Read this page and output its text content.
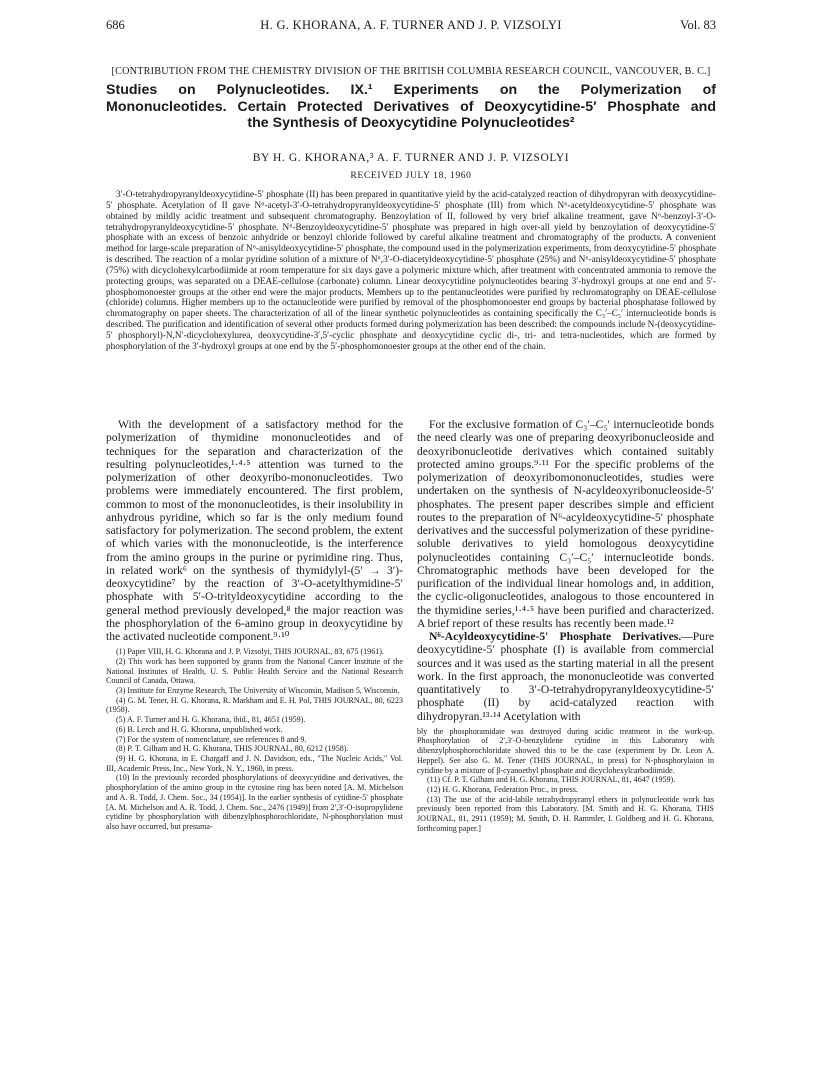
686	H. G. KHORANA, A. F. TURNER AND J. P. VIZSOLYI	Vol. 83
[CONTRIBUTION FROM THE CHEMISTRY DIVISION OF THE BRITISH COLUMBIA RESEARCH COUNCIL, VANCOUVER, B. C.]
Studies on Polynucleotides. IX.¹ Experiments on the Polymerization of
Mononucleotides. Certain Protected Derivatives of Deoxycytidine-5′ Phosphate and
the Synthesis of Deoxycytidine Polynucleotides²
BY H. G. KHORANA,³ A. F. TURNER AND J. P. VIZSOLYI
RECEIVED JULY 18, 1960
3′-O-tetrahydropyranyldeoxycytidine-5′ phosphate (II) has been prepared in quantitative yield by the acid-catalyzed reaction of dihydropyran with deoxycytidine-5′ phosphate. Acetylation of II gave N⁶-acetyl-3′-O-tetrahydropyranyldeoxycytidine-5′ phosphate (III) from which N⁶-acetyldeoxycytidine-5′ phosphate was obtained by mildly acidic treatment and subsequent chromatography. Benzoylation of II, followed by very brief alkaline treatment, gave N⁶-benzoyl-3′-O-tetrahydropyranyldeoxycytidine-5′ phosphate. N⁶-Benzoyldeoxycytidine-5′ phosphate was prepared in high over-all yield by benzoylation of deoxycytidine-5′ phosphate with an excess of benzoic anhydride or benzoyl chloride followed by careful alkaline treatment and chromatography of the products. A convenient method for large-scale preparation of N⁶-anisyldeoxycytidine-5′ phosphate, the compound used in the polymerization experiments, from deoxycytidine-5′ phosphate is described. The reaction of a molar pyridine solution of a mixture of N⁶,3′-O-diacetyldeoxycytidine-5′ phosphate (25%) and N⁶-anisyldeoxycytidine-5′ phosphate (75%) with dicyclohexylcarbodiimide at room temperature for six days gave a polymeric mixture which, after treatment with concentrated ammonia to remove the protecting groups, was separated on a DEAE-cellulose (carbonate) column. Linear deoxycytidine polynucleotides bearing 3′-hydroxyl groups at one end and 5′-phosphomonoester groups at the other end were the major products. Members up to the pentanucleotides were purified by rechromatography on DEAE-cellulose (chloride) columns. Higher members up to the octanucleotide were purified by removal of the phosphomonoester end groups by bacterial phosphatase followed by chromatography on paper sheets. The characterization of all of the linear synthetic polynucleotides as containing specifically the C₃′–C₅′ internucleotide bonds is described. The purification and identification of several other products formed during polymerization has been described: the compounds include N-(deoxycytidine-5′ phosphoryl)-N,N′-dicyclohexylurea, deoxycytidine-3′,5′-cyclic phosphate and deoxycytidine cyclic di-, tri- and tetra-nucleotides, which are formed by phosphorylation of the 3′-hydroxyl groups at one end by the 5′-phosphomonoester groups at the other end of the chain.

With the development of a satisfactory method for the polymerization of thymidine mononucleotides and of techniques for the separation and characterization of the resulting polynucleotides,¹·⁴·⁵ attention was turned to the polymerization of other deoxyribo-mononucleotides. Two problems were immediately encountered. The first problem, common to most of the mononucleotides, is their insolubility in anhydrous pyridine, which so far is the only medium found satisfactory for polymerization. The second problem, the extent of which varies with the mononucleotide, is the interference from the amino groups in the purine or pyrimidine ring. Thus, in related work⁶ on the synthesis of thymidylyl-(5′ → 3′)-deoxycytidine⁷ by the reaction of 3′-O-acetylthymidine-5′ phosphate with 5′-O-trityldeoxycytidine according to the general method previously developed,⁸ the major reaction was the phosphorylation of the 6-amino group in deoxycytidine by the activated nucleotide component.⁹·¹⁰

(1) Paper VIII, H. G. Khorana and J. P. Vizsolyi, THIS JOURNAL, 83, 675 (1961).

(2) This work has been supported by grants from the National Cancer Institute of the National Institutes of Health, U. S. Public Health Service and the National Research Council of Canada, Ottawa.

(3) Institute for Enzyme Research, The University of Wisconsin, Madison 5, Wisconsin.

(4) G. M. Tener, H. G. Khorana, R. Markham and E. H. Pol, THIS JOURNAL, 80, 6223 (1958).

(5) A. F. Turner and H. G. Khorana, ibid., 81, 4651 (1959).

(6) B. Lerch and H. G. Khorana, unpublished work.

(7) For the system of nomenclature, see references 8 and 9.

(8) P. T. Gilham and H. G. Khorana, THIS JOURNAL, 80, 6212 (1958).

(9) H. G. Khorana, in E. Chargaff and J. N. Davidson, eds., "The Nucleic Acids," Vol. III, Academic Press, Inc., New York, N. Y., 1960, in press.

(10) In the previously recorded phosphorylations of deoxycytidine and derivatives, the phosphorylation of the amino group in the cytosine ring has been noted [A. M. Michelson and A. R. Todd, J. Chem. Soc., 34 (1954)]. In the earlier synthesis of cytidine-5′ phosphate [A. M. Michelson and A. R. Todd, J. Chem. Soc., 2476 (1949)] from 2′,3′-O-isopropylidene cytidine by phosphorylation with dibenzylphosphorochloridate, N-phosphorylation must also have occurred, but presuma-

For the exclusive formation of C₃′–C₅′ internucleotide bonds the need clearly was one of preparing deoxyribonucleoside and deoxyribonucleotide derivatives which contained suitably protected amino groups.⁹·¹¹ For the specific problems of the polymerization of deoxyribomononucleotides, studies were undertaken on the synthesis of N-acyldeoxyribonucleoside-5′ phosphates. The present paper describes simple and efficient routes to the preparation of N⁶-acyldeoxycytidine-5′ phosphate derivatives and the successful polymerization of these pyridine-soluble derivatives to yield homologous deoxycytidine polynucleotides containing C₃′–C₅′ internucleotide bonds. Chromatographic methods have been developed for the purification of the individual linear homologs and, in addition, the cyclic-oligonucleotides, analogous to those encountered in the thymidine series,¹·⁴·⁵ have been purified and characterized. A brief report of these results has recently been made.¹²

N⁶-Acyldeoxycytidine-5′ Phosphate Derivatives.—Pure deoxycytidine-5′ phosphate (I) is available from commercial sources and it was used as the starting material in all the present work. In the first approach, the mononucleotide was converted quantitatively to 3′-O-tetrahydropyranyldeoxycytidine-5′ phosphate (II) by acid-catalyzed reaction with dihydropyran.¹³·¹⁴ Acetylation with

bly the phosphoramidate was destroyed during acidic treatment in the work-up. Phosphorylation of 2′,3′-O-benzylidene cytidine in this Laboratory with dibenzylphosphorochloridate showed this to be the case (experiment by Dr. Leon A. Heppel). See also G. M. Tener (THIS JOURNAL, in press) for N-phosphorylaion in cytidine by a mixture of β-cyanoethyl phosphate and dicyclohexylcarbodiimide.

(11) Cf. P. T. Gilham and H. G. Khorana, THIS JOURNAL, 81, 4647 (1959).

(12) H. G. Khorana, Federation Proc., in press.

(13) The use of the acid-labile tetrahydropyranyl ethers in polynucleotide work has previously been reported from this Laboratory. [M. Smith and H. G. Khorana, THIS JOURNAL, 81, 2911 (1959); M. Smith, D. H. Rammler, I. Goldberg and H. G. Khorana, forthcoming paper.]
